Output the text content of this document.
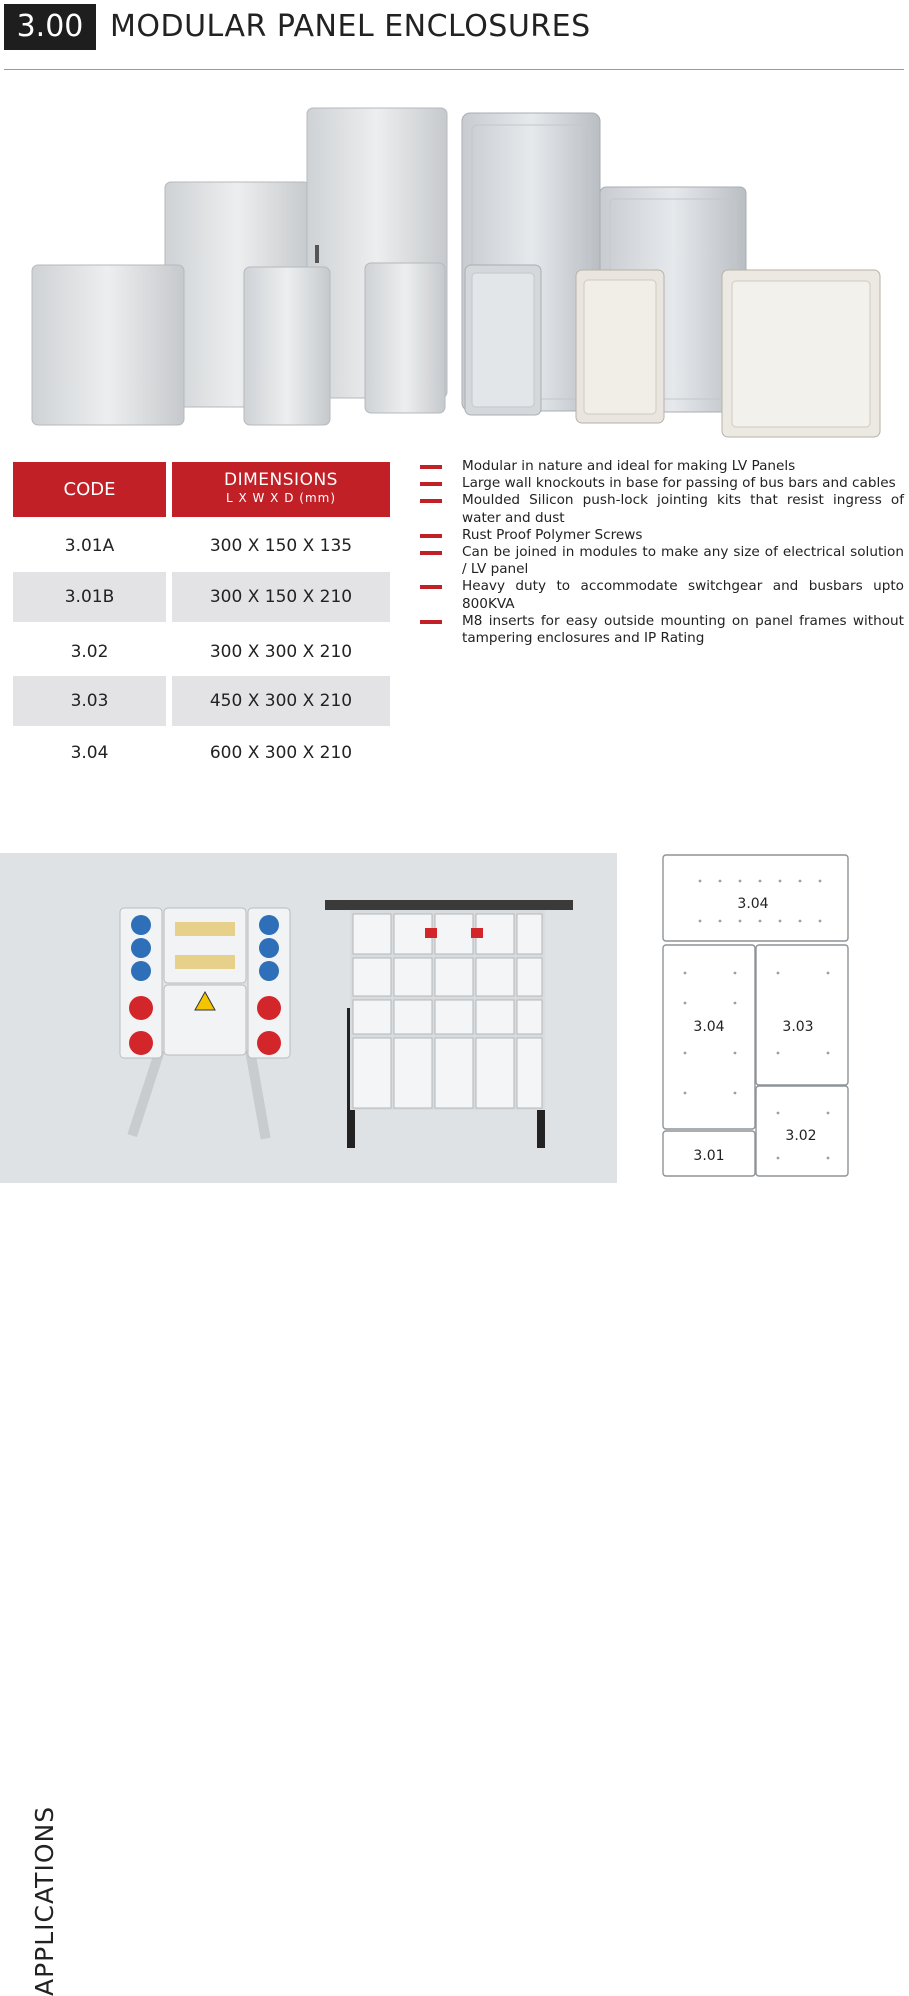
3.00 MODULAR PANEL ENCLOSURES
CODE	DIMENSIONS
L X W X D (mm)
3.01A	300 X 150 X 135
3.01B	300 X 150 X 210
3.02	300 X 300 X 210
3.03	450 X 300 X 210
3.04	600 X 300 X 210
Modular in nature and ideal for making LV Panels
Large wall knockouts in base for passing of bus bars and cables
Moulded Silicon push-lock jointing kits that resist ingress of water and dust
Rust Proof Polymer Screws
Can be joined in modules to make any size of electrical solution / LV panel
Heavy duty to accommodate switchgear and busbars upto 800KVA
M8 inserts for easy outside mounting on panel frames without tampering enclosures and IP Rating
APPLICATIONS
3.04
3.04	3.03
3.02
3.01
